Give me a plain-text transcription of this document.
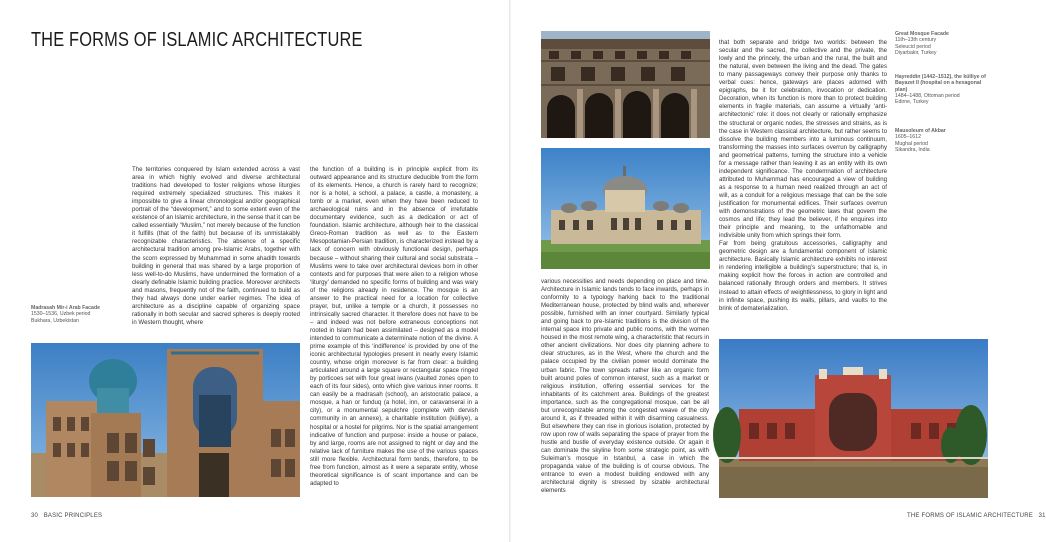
THE FORMS OF ISLAMIC ARCHITECTURE

The territories conquered by Islam extended across a vast area in which highly evolved and diverse architectural traditions had developed to foster religions whose liturgies required extremely specialized structures. This makes it impossible to give a linear chronological and/or geographical portrait of the “development,” and to some extent even of the existence of an Islamic architecture, in the sense that it can be called essentially “Muslim,” not merely because of the function it fulfills (that of the faith) but because of its unmistakably recognizable characteristics. The absence of a specific architectural tradition among pre-Islamic Arabs, together with the scorn expressed by Muhammad in some ahadith towards building in general that was shared by a large proportion of less well-to-do Muslims, have undermined the formation of a clearly definable Islamic building practice. Moreover architects and masons, frequently not of the faith, continued to build as they had always done under earlier regimes. The idea of architecture as a discipline capable of organizing space rationally in both secular and sacred spheres is deeply rooted in Western thought, where

the function of a building is in principle explicit from its outward appearance and its structure deducible from the form of its elements. Hence, a church is rarely hard to recognize; nor is a hotel, a school, a palace, a castle, a monastery, a tomb or a market, even when they have been reduced to archaeological ruins and in the absence of irrefutable documentary evidence, such as a dedication or act of foundation. Islamic architecture, although heir to the classical Greco-Roman tradition as well as to the Eastern Mesopotamian-Persian tradition, is characterized instead by a lack of concern with obviously functional design, perhaps because – without sharing their cultural and social substrata – Muslims were to take over architectural devices born in other contexts and for purposes that were alien to a religion whose ‘liturgy’ demanded no specific forms of building and was wary of the religions already in residence. The mosque is an answer to the practical need for a location for collective prayer, but, unlike a temple or a church, it possesses no intrinsically sacred character. It therefore does not have to be – and indeed was not before extraneous conceptions not rooted in Islam had been assimilated – designed as a model intended to communicate a determinate notion of the divine. A prime example of this ‘indifference’ is provided by one of the iconic architectural typologies present in nearly every Islamic country, whose origin moreover is far from clear: a building articulated around a large square or rectangular space ringed by porticoes set with four great iwans (vaulted zones open to each of its four sides), onto which give various inner rooms. It can easily be a madrasah (school), an aristocratic palace, a mosque, a han or funduq (a hotel, inn, or caravanserai in a city), or a monumental sepulchre (complete with dervish community in an annexe), a charitable institution (külliye), a hospital or a hostel for pilgrims. Nor is the spatial arrangement indicative of function and purpose: inside a house or palace, by and large, rooms are not assigned to night or day and the relative lack of furniture makes the use of the various spaces still more flexible. Architectural form tends, therefore, to be free from function, almost as it were a separate entity, whose theoretical significance is of scant importance and can be adapted to

various necessities and needs depending on place and time. Architecture in Islamic lands tends to face inwards, perhaps in conformity to a typology harking back to the traditional Mediterranean house, protected by blind walls and, wherever possible, furnished with an inner courtyard. Similarly typical and going back to pre-Islamic traditions is the division of the internal space into private and public rooms, with the women housed in the most remote wing, a characteristic that recurs in other ancient civilizations. Nor does city planning adhere to clear structures, as in the West, where the church and the palace occupied by the civilian power would dominate the urban fabric. The town spreads rather like an organic form built around poles of common interest, such as a market or religious institution, offering essential services for the inhabitants of its catchment area. Buildings of the greatest importance, such as the congregational mosque, can be all but unrecognizable among the congested weave of the city around it, as if threaded within it with disarming casualness. But elsewhere they can rise in glorious isolation, protected by row upon row of walls separating the space of prayer from the hustle and bustle of everyday existence outside. Or again it can dominate the skyline from some strategic point, as with Suleiman’s mosque in Istanbul, a case in which the propaganda value of the building is of course obvious. The entrance to even a modest building endowed with any architectural dignity is stressed by sizable architectural elements

that both separate and bridge two worlds: between the secular and the sacred, the collective and the private, the lowly and the princely, the urban and the rural, the built and the natural, even between the living and the dead. The gates to many passageways convey their purpose only thanks to verbal cues: hence, gateways are places adorned with epigraphs, be it for celebration, invocation or dedication. Decoration, when its function is more than to protect building elements in fragile materials, can assume a virtually ‘anti-architectonic’ role: it does not clearly or rationally emphasize the structural or organic nodes, the stresses and strains, as is the case in Western classical architecture, but rather seems to dissolve the building members into a luminous continuum, transforming the masses into surfaces overrun by calligraphy and geometrical patterns, turning the structure into a vehicle for a message rather than leaving it as an entity with its own independent significance. The condemnation of architecture attributed to Muhammad has encouraged a view of building as a response to a human need realized through an act of will, as a conduit for a religious message that can be the sole justification for monumental edifices. Their surfaces overrun with demonstrations of the geometric laws that govern the cosmos and life; they lead the believer, if he enquires into their principle and meaning, to the unfathomable and indivisible unity from which springs their form.
Far from being gratuitous accessories, calligraphy and geometric design are a fundamental component of Islamic architecture. Basically Islamic architecture exhibits no interest in rendering intelligible a building’s superstructure; that is, in making explicit how the forces in action are controlled and balanced rationally through orders and members. It strives instead to attain effects of weightlessness, to glory in light and in infinite space, pushing its walls, pillars, and vaults to the brink of dematerialization.

Madrasah Mir-i Arab Facade
1530–1536, Uzbek period
Bukhara, Uzbekistan
Great Mosque Facade
11th–13th century
Seleucid period
Diyarbakir, Turkey
Hayreddin (1442–1512), the külliye of Bayazet II (hospital on a hexagonal plan)
1484–1488, Ottoman period
Edirne, Turkey
Mausoleum of Akbar
1605–1612
Mughal period
Sikandra, India
30 BASIC PRINCIPLES	THE FORMS OF ISLAMIC ARCHITECTURE 31
